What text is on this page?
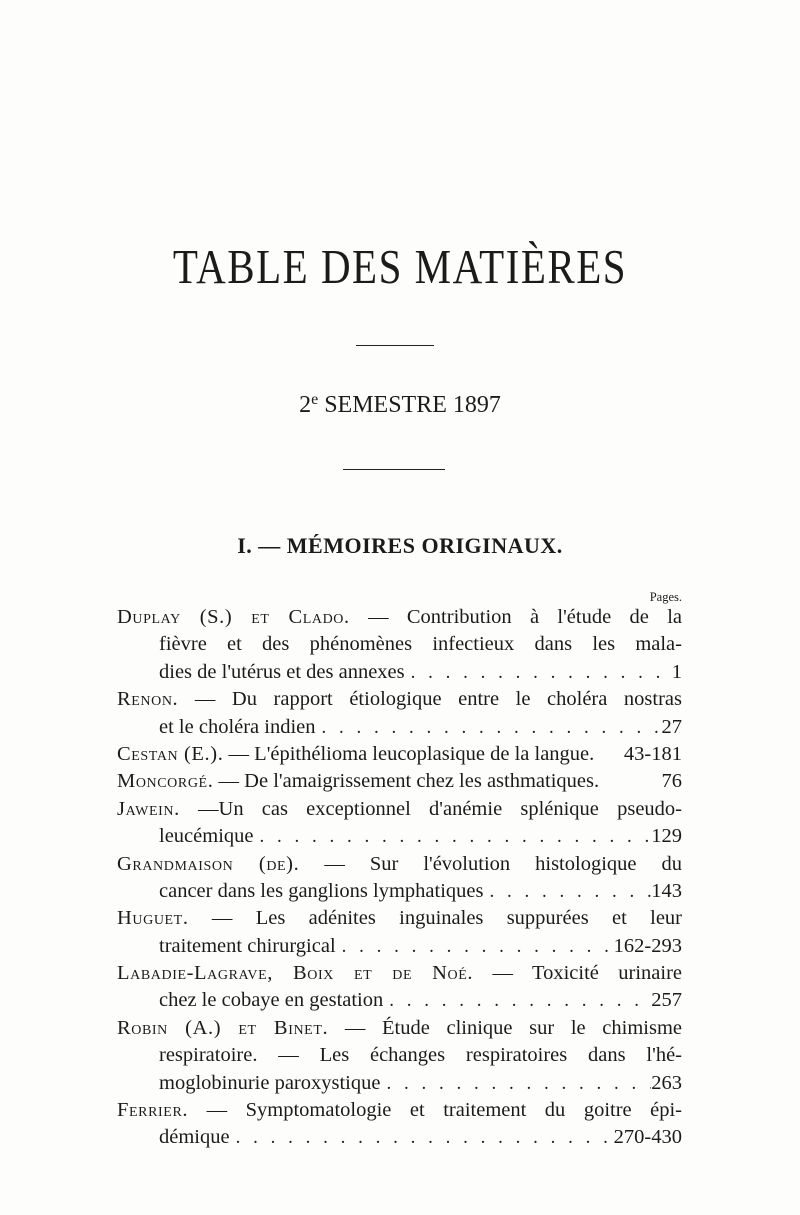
TABLE DES MATIÈRES
2e SEMESTRE 1897
I. — MÉMOIRES ORIGINAUX.
Pages.
Duplay (S.) et Clado. — Contribution à l'étude de la
fièvre et des phénomènes infectieux dans les mala-
dies de l'utérus et des annexes . . .	1
Renon. — Du rapport étiologique entre le choléra nostras
et le choléra indien . . .	27
Cestan (E.). — L'épithélioma leucoplasique de la langue. 43-181
Moncorgé. — De l'amaigrissement chez les asthmatiques.	76
Jawein. —Un cas exceptionnel d'anémie splénique pseudo-
leucémique . . .	129
Grandmaison (de). — Sur l'évolution histologique du
cancer dans les ganglions lymphatiques . . .	143
Huguet. — Les adénites inguinales suppurées et leur
traitement chirurgical . . .	162-293
Labadie-Lagrave, Boix et de Noé. — Toxicité urinaire
chez le cobaye en gestation . . .	257
Robin (A.) et Binet. — Étude clinique sur le chimisme
respiratoire. — Les échanges respiratoires dans l'hé-
moglobinurie paroxystique . . .	263
Ferrier. — Symptomatologie et traitement du goitre épi-
démique . . .	270-430
